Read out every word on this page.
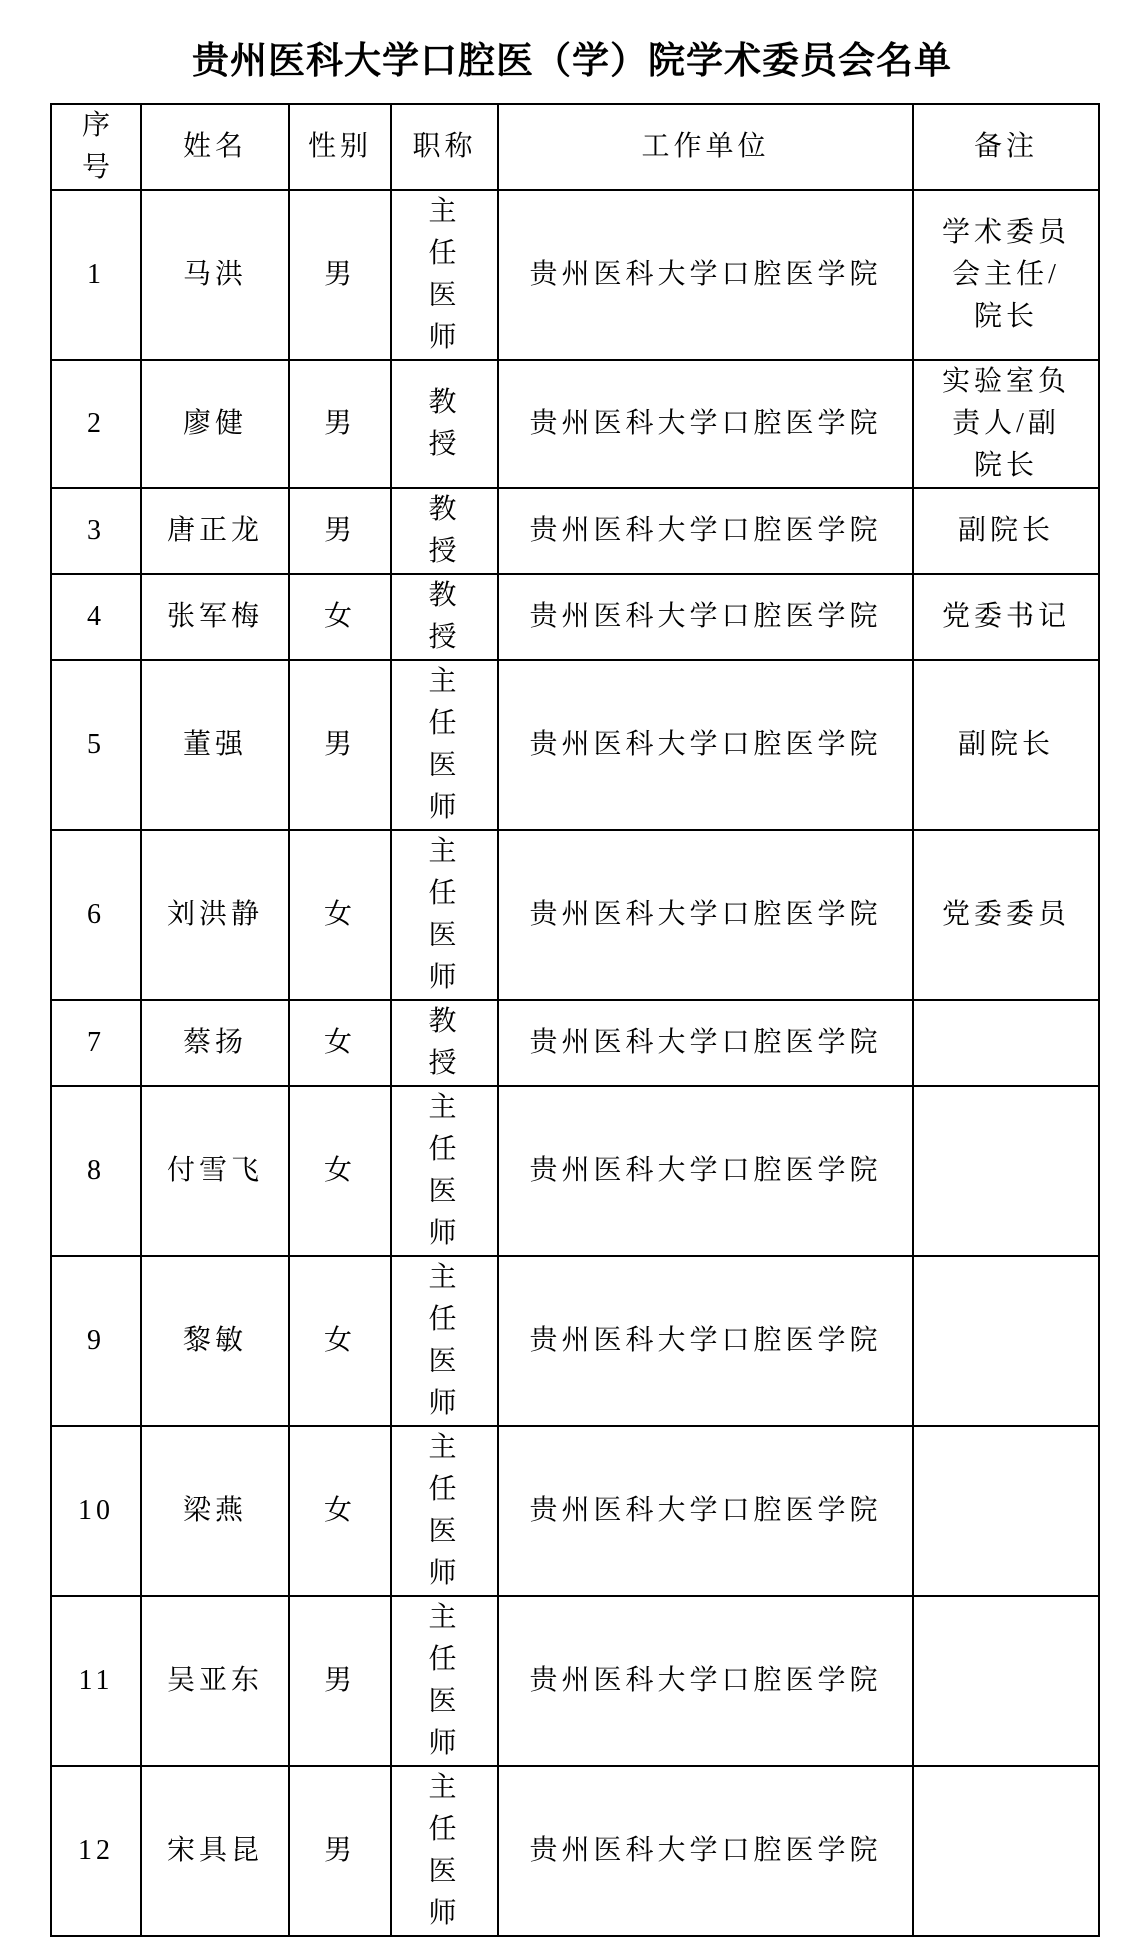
贵州医科大学口腔医（学）院学术委员会名单
序号	姓名	性别	职称	工作单位	备注
1	马洪	男	主任医师	贵州医科大学口腔医学院	学术委员会主任/院长
2	廖健	男	教授	贵州医科大学口腔医学院	实验室负责人/副院长
3	唐正龙	男	教授	贵州医科大学口腔医学院	副院长
4	张军梅	女	教授	贵州医科大学口腔医学院	党委书记
5	董强	男	主任医师	贵州医科大学口腔医学院	副院长
6	刘洪静	女	主任医师	贵州医科大学口腔医学院	党委委员
7	蔡扬	女	教授	贵州医科大学口腔医学院	
8	付雪飞	女	主任医师	贵州医科大学口腔医学院	
9	黎敏	女	主任医师	贵州医科大学口腔医学院	
10	梁燕	女	主任医师	贵州医科大学口腔医学院	
11	吴亚东	男	主任医师	贵州医科大学口腔医学院	
12	宋具昆	男	主任医师	贵州医科大学口腔医学院	
